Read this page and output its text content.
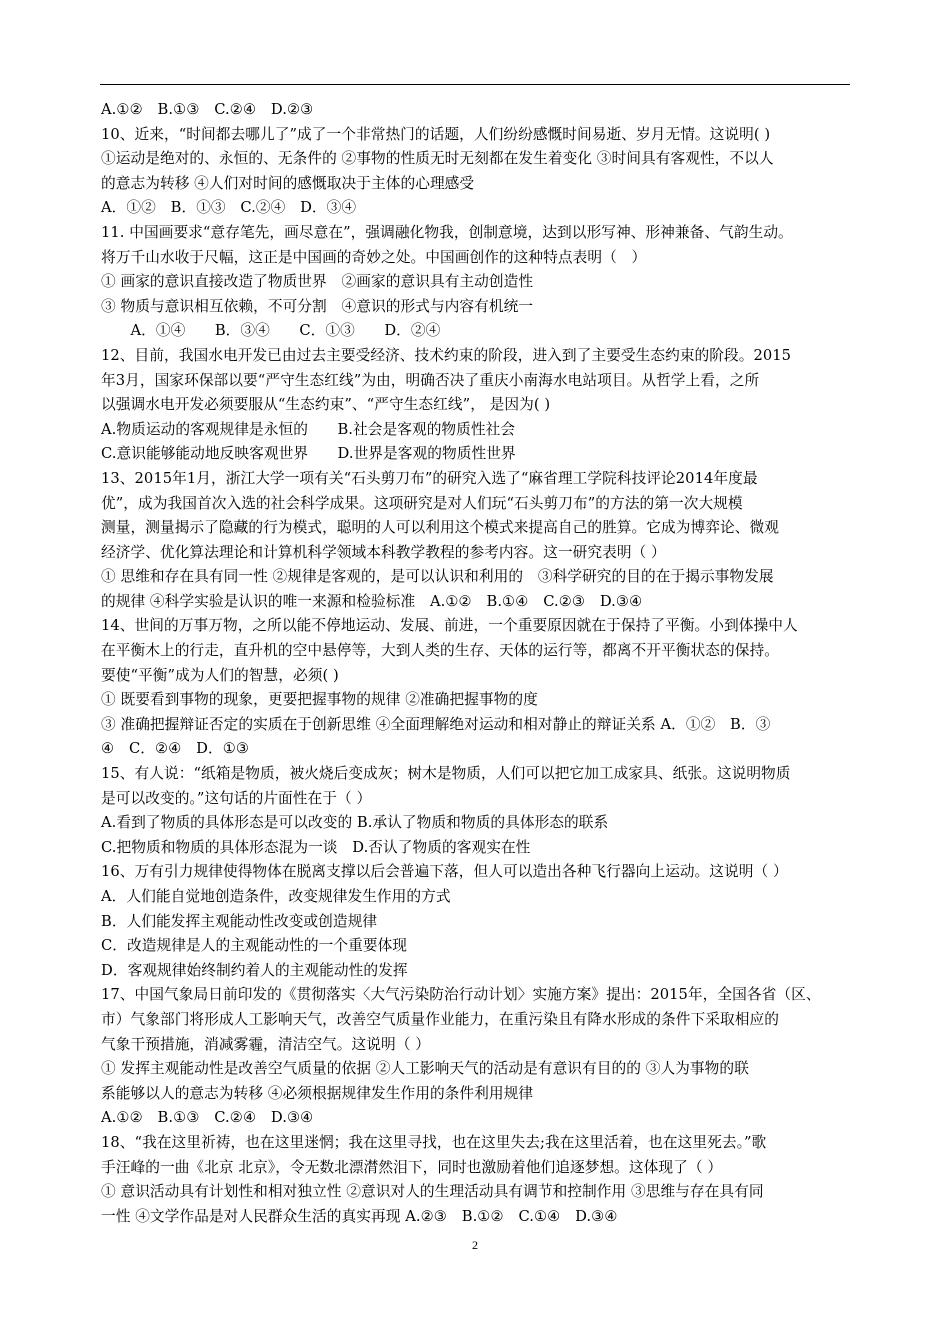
A.①②　B.①③　C.②④　D.②③
10、近来，“时间都去哪儿了”成了一个非常热门的话题，人们纷纷感慨时间易逝、岁月无情。这说明( )
①运动是绝对的、永恒的、无条件的 ②事物的性质无时无刻都在发生着变化 ③时间具有客观性，不以人
的意志为转移 ④人们对时间的感慨取决于主体的心理感受
A．①②　B．①③　C.②④　D．③④
11. 中国画要求“意存笔先，画尽意在”，强调融化物我，创制意境，达到以形写神、形神兼备、气韵生动。
将万千山水收于尺幅，这正是中国画的奇妙之处。中国画创作的这种特点表明（　）
① 画家的意识直接改造了物质世界　②画家的意识具有主动创造性
③ 物质与意识相互依赖，不可分割　④意识的形式与内容有机统一
　　A．①④　　B．③④　　C．①③　　D．②④
12、目前，我国水电开发已由过去主要受经济、技术约束的阶段，进入到了主要受生态约束的阶段。2015
年3月，国家环保部以要“严守生态红线”为由，明确否决了重庆小南海水电站项目。从哲学上看，之所
以强调水电开发必须要服从“生态约束”、“严守生态红线”， 是因为( )
A.物质运动的客观规律是永恒的　　B.社会是客观的物质性社会
C.意识能够能动地反映客观世界　　D.世界是客观的物质性世界
13、2015年1月，浙江大学一项有关“石头剪刀布”的研究入选了“麻省理工学院科技评论2014年度最
优”，成为我国首次入选的社会科学成果。这项研究是对人们玩“石头剪刀布”的方法的第一次大规模
测量，测量揭示了隐藏的行为模式，聪明的人可以利用这个模式来提高自己的胜算。它成为博弈论、微观
经济学、优化算法理论和计算机科学领域本科教学教程的参考内容。这一研究表明（ ）
① 思维和存在具有同一性 ②规律是客观的，是可以认识和利用的　③科学研究的目的在于揭示事物发展
的规律 ④科学实验是认识的唯一来源和检验标准　A.①②　B.①④　C.②③　D.③④
14、世间的万事万物，之所以能不停地运动、发展、前进，一个重要原因就在于保持了平衡。小到体操中人
在平衡木上的行走，直升机的空中悬停等，大到人类的生存、天体的运行等，都离不开平衡状态的保持。
要使“平衡”成为人们的智慧，必须( )
① 既要看到事物的现象，更要把握事物的规律 ②准确把握事物的度
③ 准确把握辩证否定的实质在于创新思维 ④全面理解绝对运动和相对静止的辩证关系 A．①②　B．③
④　C．②④　D．①③
15、有人说：“纸箱是物质，被火烧后变成灰；树木是物质，人们可以把它加工成家具、纸张。这说明物质
是可以改变的。”这句话的片面性在于（ ）
A.看到了物质的具体形态是可以改变的 B.承认了物质和物质的具体形态的联系
C.把物质和物质的具体形态混为一谈　D.否认了物质的客观实在性
16、万有引力规律使得物体在脱离支撑以后会普遍下落，但人可以造出各种飞行器向上运动。这说明（ ）
A．人们能自觉地创造条件，改变规律发生作用的方式
B．人们能发挥主观能动性改变或创造规律
C．改造规律是人的主观能动性的一个重要体现
D．客观规律始终制约着人的主观能动性的发挥
17、中国气象局日前印发的《贯彻落实〈大气污染防治行动计划〉实施方案》提出：2015年，全国各省（区、
市）气象部门将形成人工影响天气，改善空气质量作业能力，在重污染且有降水形成的条件下采取相应的
气象干预措施，消减雾霾，清洁空气。这说明（ ）
① 发挥主观能动性是改善空气质量的依据 ②人工影响天气的活动是有意识有目的的 ③人为事物的联
系能够以人的意志为转移 ④必须根据规律发生作用的条件利用规律
A.①②　B.①③　C.②④　D.③④
18、“我在这里祈祷，也在这里迷惘；我在这里寻找，也在这里失去;我在这里活着，也在这里死去。”歌
手汪峰的一曲《北京 北京》，令无数北漂潸然泪下，同时也激励着他们追逐梦想。这体现了（ ）
① 意识活动具有计划性和相对独立性 ②意识对人的生理活动具有调节和控制作用 ③思维与存在具有同
一性 ④文学作品是对人民群众生活的真实再现 A.②③　B.①②　C.①④　D.③④
2
